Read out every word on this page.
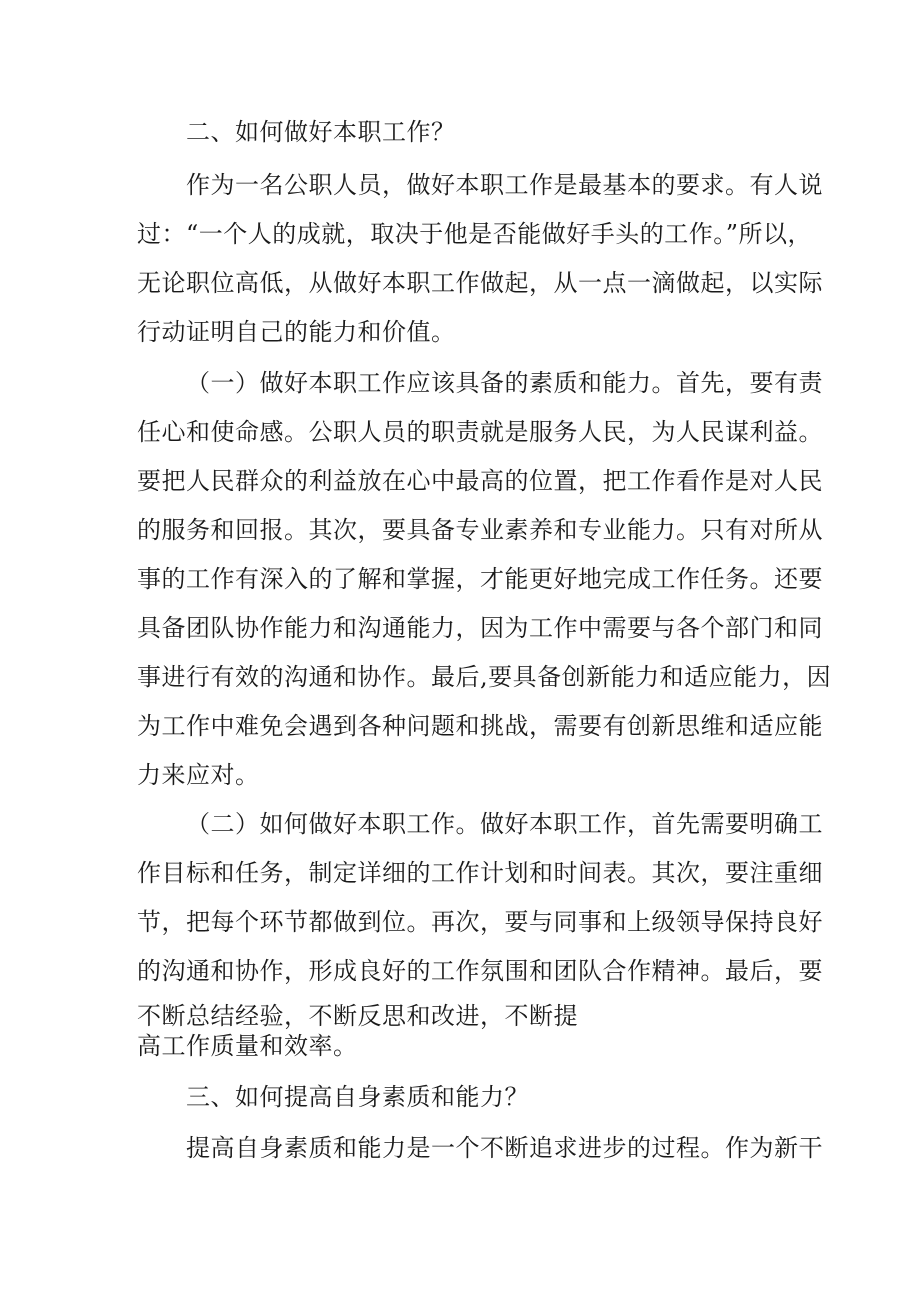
二、如何做好本职工作？
作为一名公职人员，做好本职工作是最基本的要求。有人说
过：“一个人的成就，取决于他是否能做好手头的工作。”所以，
无论职位高低，从做好本职工作做起，从一点一滴做起，以实际
行动证明自己的能力和价值。
（一）做好本职工作应该具备的素质和能力。首先，要有责
任心和使命感。公职人员的职责就是服务人民，为人民谋利益。
要把人民群众的利益放在心中最高的位置，把工作看作是对人民
的服务和回报。其次，要具备专业素养和专业能力。只有对所从
事的工作有深入的了解和掌握，才能更好地完成工作任务。还要
具备团队协作能力和沟通能力，因为工作中需要与各个部门和同
事进行有效的沟通和协作。最后,要具备创新能力和适应能力，因
为工作中难免会遇到各种问题和挑战，需要有创新思维和适应能
力来应对。
（二）如何做好本职工作。做好本职工作，首先需要明确工
作目标和任务，制定详细的工作计划和时间表。其次，要注重细
节，把每个环节都做到位。再次，要与同事和上级领导保持良好
的沟通和协作，形成良好的工作氛围和团队合作精神。最后，要
不断总结经验，不断反思和改进，不断提
高工作质量和效率。
三、如何提高自身素质和能力？
提高自身素质和能力是一个不断追求进步的过程。作为新干
